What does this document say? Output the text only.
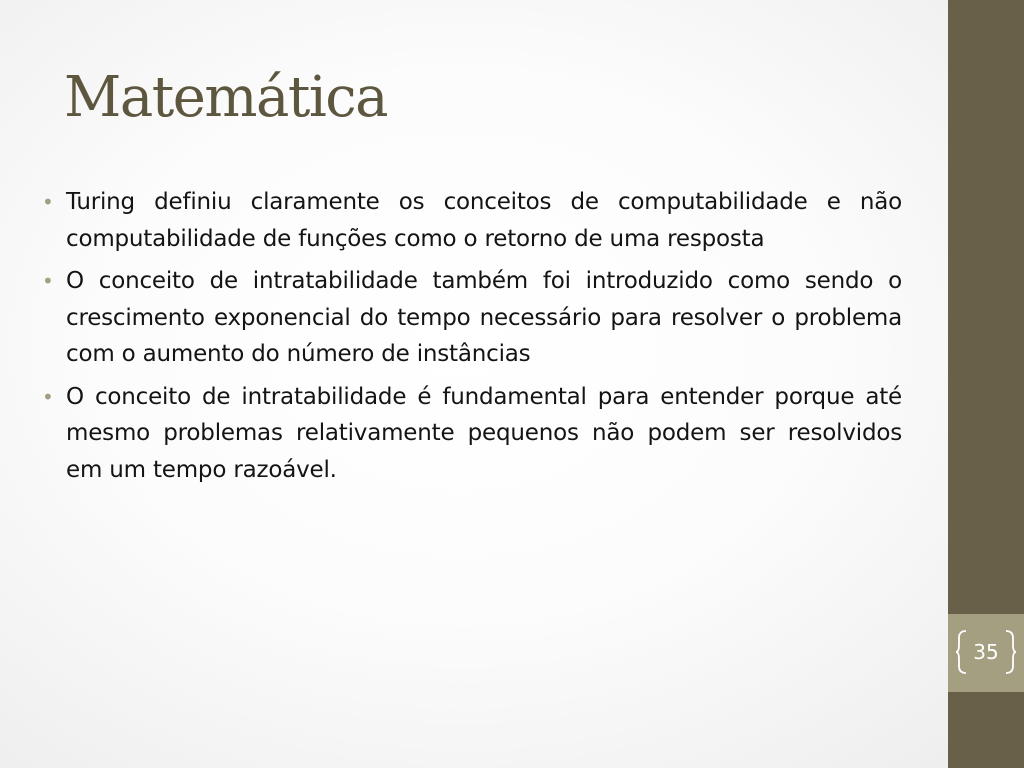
35
Matemática
• Turing definiu claramente os conceitos de computabilidade e não computabilidade de funções como o retorno de uma resposta
• O conceito de intratabilidade também foi introduzido como sendo o crescimento exponencial do tempo necessário para resolver o problema com o aumento do número de instâncias
• O conceito de intratabilidade é fundamental para entender porque até mesmo problemas relativamente pequenos não podem ser resolvidos em um tempo razoável.
